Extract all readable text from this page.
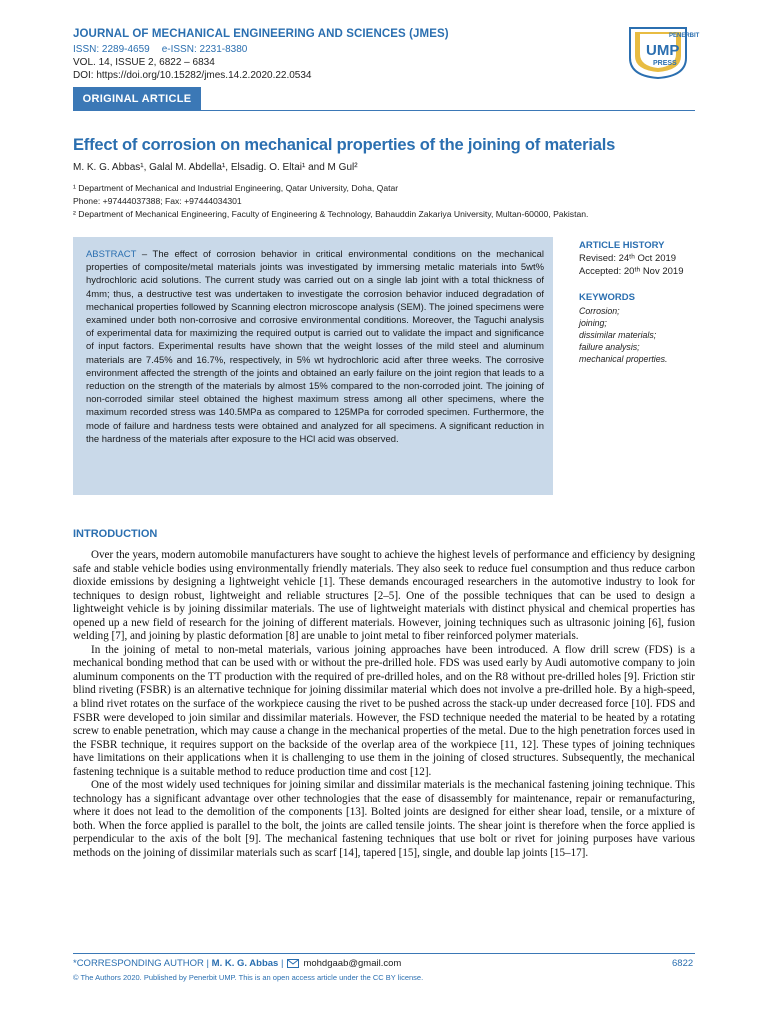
JOURNAL OF MECHANICAL ENGINEERING AND SCIENCES (JMES)
ISSN: 2289-4659 e-ISSN: 2231-8380
VOL. 14, ISSUE 2, 6822 – 6834
DOI: https://doi.org/10.15282/jmes.14.2.2020.22.0534
PENERBIT
UMP
PRESS
ORIGINAL ARTICLE
Effect of corrosion on mechanical properties of the joining of materials
M. K. G. Abbas¹, Galal M. Abdella¹, Elsadig. O. Eltai¹ and M Gul²
¹ Department of Mechanical and Industrial Engineering, Qatar University, Doha, Qatar
Phone: +97444037388; Fax: +97444034301
² Department of Mechanical Engineering, Faculty of Engineering & Technology, Bahauddin Zakariya University, Multan-60000, Pakistan.
ABSTRACT – The effect of corrosion behavior in critical environmental conditions on the mechanical properties of composite/metal materials joints was investigated by immersing metalic materials into 5wt% hydrochloric acid solutions. The current study was carried out on a single lab joint with a total thickness of 4mm; thus, a destructive test was undertaken to investigate the corrosion behavior induced degradation of mechanical properties followed by Scanning electron microscope analysis (SEM). The joined specimens were examined under both non-corrosive and corrosive environmental conditions. Moreover, the Taguchi analysis of experimental data for maximizing the required output is carried out to validate the impact and significance of input factors. Experimental results have shown that the weight losses of the mild steel and aluminum materials are 7.45% and 16.7%, respectively, in 5% wt hydrochloric acid after three weeks. The corrosive environment affected the strength of the joints and obtained an early failure on the joint region that leads to a reduction on the strength of the materials by almost 15% compared to the non-corroded joint. The joining of non-corroded similar steel obtained the highest maximum stress among all other specimens, where the maximum recorded stress was 140.5MPa as compared to 125MPa for corroded specimen. Furthermore, the mode of failure and hardness tests were obtained and analyzed for all specimens. A significant reduction in the hardness of the materials after exposure to the HCl acid was observed.
ARTICLE HISTORY
Revised: 24ᵗʰ Oct 2019
Accepted: 20ᵗʰ Nov 2019
KEYWORDS
Corrosion;
joining;
dissimilar materials;
failure analysis;
mechanical properties.
INTRODUCTION

Over the years, modern automobile manufacturers have sought to achieve the highest levels of performance and efficiency by designing safe and stable vehicle bodies using environmentally friendly materials. They also seek to reduce fuel consumption and thus reduce carbon dioxide emissions by designing a lightweight vehicle [1]. These demands encouraged researchers in the automotive industry to look for techniques to design robust, lightweight and reliable structures [2–5]. One of the possible techniques that can be used to design a lightweight vehicle is by joining dissimilar materials. The use of lightweight materials with distinct physical and chemical properties has opened up a new field of research for the joining of different materials. However, joining techniques such as ultrasonic joining [6], fusion welding [7], and joining by plastic deformation [8] are unable to joint metal to fiber reinforced polymer materials.

In the joining of metal to non-metal materials, various joining approaches have been introduced. A flow drill screw (FDS) is a mechanical bonding method that can be used with or without the pre-drilled hole. FDS was used early by Audi automotive company to join aluminum components on the TT production with the required of pre-drilled holes, and on the R8 without pre-drilled holes [9]. Friction stir blind riveting (FSBR) is an alternative technique for joining dissimilar material which does not involve a pre-drilled hole. By a high-speed, a blind rivet rotates on the surface of the workpiece causing the rivet to be pushed across the stack-up under decreased force [10]. FDS and FSBR were developed to join similar and dissimilar materials. However, the FSD technique needed the material to be heated by a rotating screw to enable penetration, which may cause a change in the mechanical properties of the metal. Due to the high penetration forces used in the FSBR technique, it requires support on the backside of the overlap area of the workpiece [11, 12]. These types of joining techniques have limitations on their applications when it is challenging to use them in the joining of closed structures. Subsequently, the mechanical fastening technique is a suitable method to reduce production time and cost [12].

One of the most widely used techniques for joining similar and dissimilar materials is the mechanical fastening joining technique. This technology has a significant advantage over other technologies that the ease of disassembly for maintenance, repair or remanufacturing, where it does not lead to the demolition of the components [13]. Bolted joints are designed for either shear load, tensile, or a mixture of both. When the force applied is parallel to the bolt, the joints are called tensile joints. The shear joint is therefore when the force applied is perpendicular to the axis of the bolt [9]. The mechanical fastening techniques that use bolt or rivet for joining purposes have various methods on the joining of dissimilar materials such as scarf [14], tapered [15], single, and double lap joints [15–17].

*CORRESPONDING AUTHOR | M. K. G. Abbas | mohdgaab@gmail.com	6822
© The Authors 2020. Published by Penerbit UMP. This is an open access article under the CC BY license.
